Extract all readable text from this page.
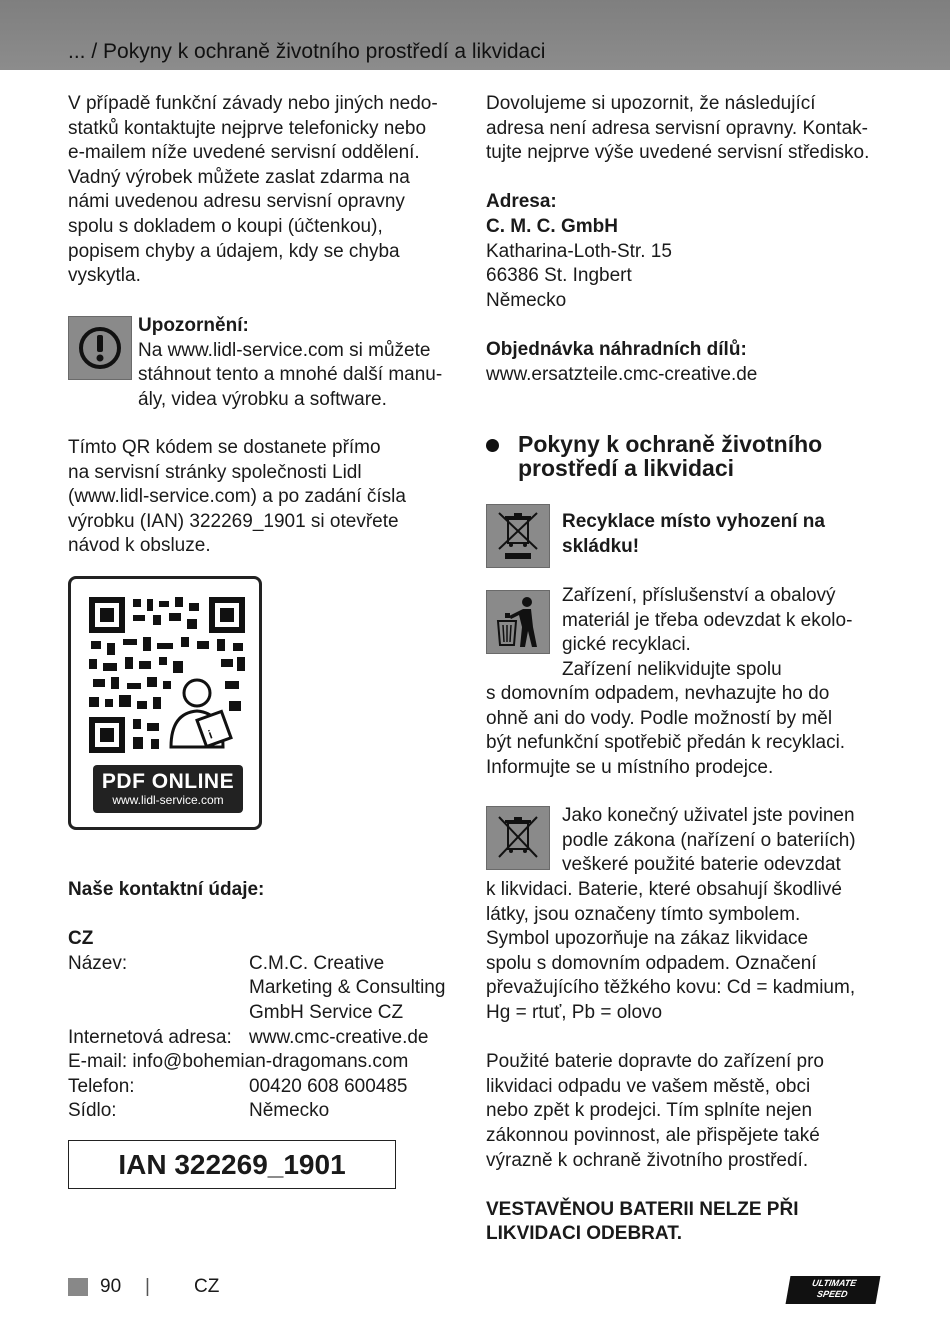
... / Pokyny k ochraně životního prostředí a likvidaci

V případě funkční závady nebo jiných nedo-
statků kontaktujte nejprve telefonicky nebo
e-mailem níže uvedené servisní oddělení.
Vadný výrobek můžete zaslat zdarma na
námi uvedenou adresu servisní opravny
spolu s dokladem o koupi (účtenkou),
popisem chyby a údajem, kdy se chyba
vyskytla.

Upozornění:
Na www.lidl-service.com si můžete
stáhnout tento a mnohé další manu-
ály, videa výrobku a software.

Tímto QR kódem se dostanete přímo
na servisní stránky společnosti Lidl
(www.lidl-service.com) a po zadání čísla
výrobku (IAN) 322269_1901 si otevřete
návod k obsluze.

i
PDF ONLINE
www.lidl-service.com

Naše kontaktní údaje:

CZ

Název:	C.M.C. Creative
Marketing & Consulting
GmbH Service CZ
Internetová adresa: www.cmc-creative.de
E-mail: info@bohemian-dragomans.com
Telefon:	00420 608 600485
Sídlo:	Německo
IAN 322269_1901

Dovolujeme si upozornit, že následující
adresa není adresa servisní opravny. Kontak-
tujte nejprve výše uvedené servisní středisko.

Adresa:
C. M. C. GmbH
Katharina-Loth-Str. 15
66386 St. Ingbert
Německo

Objednávka náhradních dílů:
www.ersatzteile.cmc-creative.de

Pokyny k ochraně životního
prostředí a likvidaci

Recyklace místo vyhození na
skládku!

Zařízení, příslušenství a obalový
materiál je třeba odevzdat k ekolo-
gické recyklaci.
Zařízení nelikvidujte spolu

s domovním odpadem, nevhazujte ho do
ohně ani do vody. Podle možností by měl
být nefunkční spotřebič předán k recyklaci.
Informujte se u místního prodejce.

Jako konečný uživatel jste povinen
podle zákona (nařízení o bateriích)
veškeré použité baterie odevzdat

k likvidaci. Baterie, které obsahují škodlivé
látky, jsou označeny tímto symbolem.
Symbol upozorňuje na zákaz likvidace
spolu s domovním odpadem. Označení
převažujícího těžkého kovu: Cd = kadmium,
Hg = rtuť, Pb = olovo

Použité baterie dopravte do zařízení pro
likvidaci odpadu ve vašem městě, obci
nebo zpět k prodejci. Tím splníte nejen
zákonnou povinnost, ale přispějete také
výrazně k ochraně životního prostředí.

VESTAVĚNOU BATERII NELZE PŘI
LIKVIDACI ODEBRAT.

90 | CZ	ULTIMATE
SPEED
